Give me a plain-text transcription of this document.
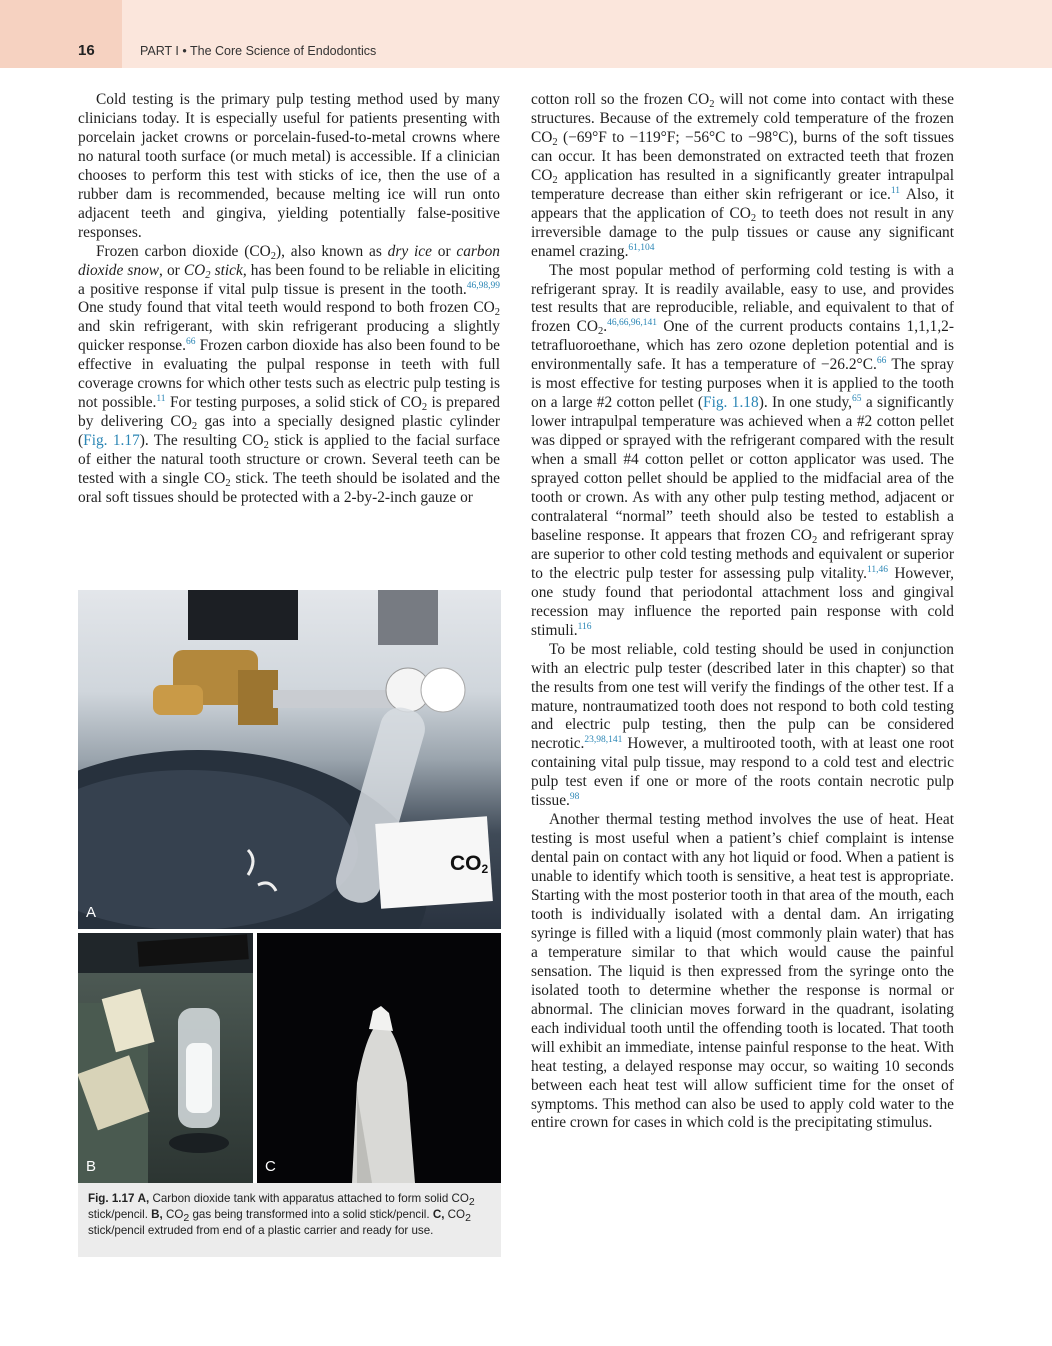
16	PART I • The Core Science of Endodontics

Cold testing is the primary pulp testing method used by many clinicians today. It is especially useful for patients presenting with porcelain jacket crowns or porcelain-fused-to-metal crowns where no natural tooth surface (or much metal) is accessible. If a clinician chooses to perform this test with sticks of ice, then the use of a rubber dam is recommended, because melting ice will run onto adjacent teeth and gingiva, yielding potentially false-positive responses.

Frozen carbon dioxide $(CO_2)$, also known as dry ice or carbon dioxide snow, or $CO_2$ stick, has been found to be reliable in eliciting a positive response if vital pulp tissue is present in the tooth.$^{46,98,99}$ One study found that vital teeth would respond to both frozen $CO_2$ and skin refrigerant, with skin refrigerant producing a slightly quicker response.$^{66}$ Frozen carbon dioxide has also been found to be effective in evaluating the pulpal response in teeth with full coverage crowns for which other tests such as electric pulp testing is not possible.$^{11}$ For testing purposes, a solid stick of $CO_2$ is prepared by delivering $CO_2$ gas into a specially designed plastic cylinder (Fig. 1.17). The resulting $CO_2$ stick is applied to the facial surface of either the natural tooth structure or crown. Several teeth can be tested with a single $CO_2$ stick. The teeth should be isolated and the oral soft tissues should be protected with a 2-by-2-inch gauze or

cotton roll so the frozen $CO_2$ will not come into contact with these structures. Because of the extremely cold temperature of the frozen $CO_2$ (−69°F to −119°F; −56°C to −98°C), burns of the soft tissues can occur. It has been demonstrated on extracted teeth that frozen $CO_2$ application has resulted in a significantly greater intrapulpal temperature decrease than either skin refrigerant or ice.$^{11}$ Also, it appears that the application of $CO_2$ to teeth does not result in any irreversible damage to the pulp tissues or cause any significant enamel crazing.$^{61,104}$

The most popular method of performing cold testing is with a refrigerant spray. It is readily available, easy to use, and provides test results that are reproducible, reliable, and equivalent to that of frozen $CO_2.^{46,66,96,141}$ One of the current products contains 1,1,1,2-tetrafluoroethane, which has zero ozone depletion potential and is environmentally safe. It has a temperature of −26.2°C.$^{66}$ The spray is most effective for testing purposes when it is applied to the tooth on a large #2 cotton pellet (Fig. 1.18). In one study,$^{65}$ a significantly lower intrapulpal temperature was achieved when a #2 cotton pellet was dipped or sprayed with the refrigerant compared with the result when a small #4 cotton pellet or cotton applicator was used. The sprayed cotton pellet should be applied to the midfacial area of the tooth or crown. As with any other pulp testing method, adjacent or contralateral “normal” teeth should also be tested to establish a baseline response. It appears that frozen $CO_2$ and refrigerant spray are superior to other cold testing methods and equivalent or superior to the electric pulp tester for assessing pulp vitality.$^{11,46}$ However, one study found that periodontal attachment loss and gingival recession may influence the reported pain response with cold stimuli.$^{116}$

To be most reliable, cold testing should be used in conjunction with an electric pulp tester (described later in this chapter) so that the results from one test will verify the findings of the other test. If a mature, nontraumatized tooth does not respond to both cold testing and electric pulp testing, then the pulp can be considered necrotic.$^{23,98,141}$ However, a multirooted tooth, with at least one root containing vital pulp tissue, may respond to a cold test and electric pulp test even if one or more of the roots contain necrotic pulp tissue.$^{98}$

Another thermal testing method involves the use of heat. Heat testing is most useful when a patient’s chief complaint is intense dental pain on contact with any hot liquid or food. When a patient is unable to identify which tooth is sensitive, a heat test is appropriate. Starting with the most posterior tooth in that area of the mouth, each tooth is individually isolated with a dental dam. An irrigating syringe is filled with a liquid (most commonly plain water) that has a temperature similar to that which would cause the painful sensation. The liquid is then expressed from the syringe onto the isolated tooth to determine whether the response is normal or abnormal. The clinician moves forward in the quadrant, isolating each individual tooth until the offending tooth is located. That tooth will exhibit an immediate, intense painful response to the heat. With heat testing, a delayed response may occur, so waiting 10 seconds between each heat test will allow sufficient time for the onset of symptoms. This method can also be used to apply cold water to the entire crown for cases in which cold is the precipitating stimulus.

$CO_2$
A
B	C
Fig. 1.17 A, Carbon dioxide tank with apparatus attached to form solid $CO_2$ stick/pencil. B, $CO_2$ gas being transformed into a solid stick/pencil. C, $CO_2$ stick/pencil extruded from end of a plastic carrier and ready for use.
